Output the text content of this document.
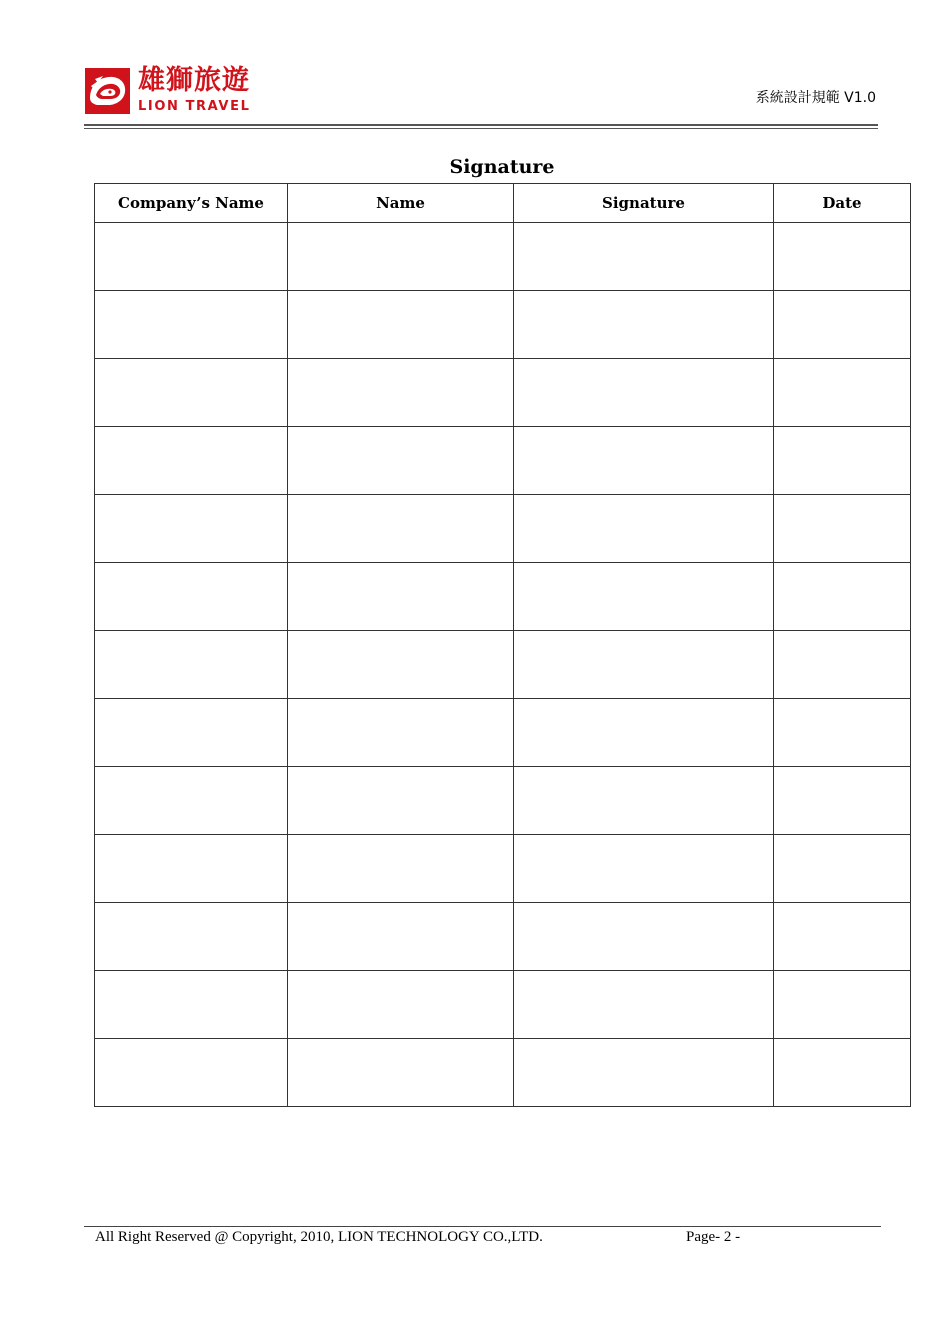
雄獅旅遊
LION TRAVEL
系統設計規範 V1.0
Signature
Company’s Name	Name	Signature	Date

All Right Reserved @ Copyright, 2010, LION TECHNOLOGY CO.,LTD.	Page- 2 -
